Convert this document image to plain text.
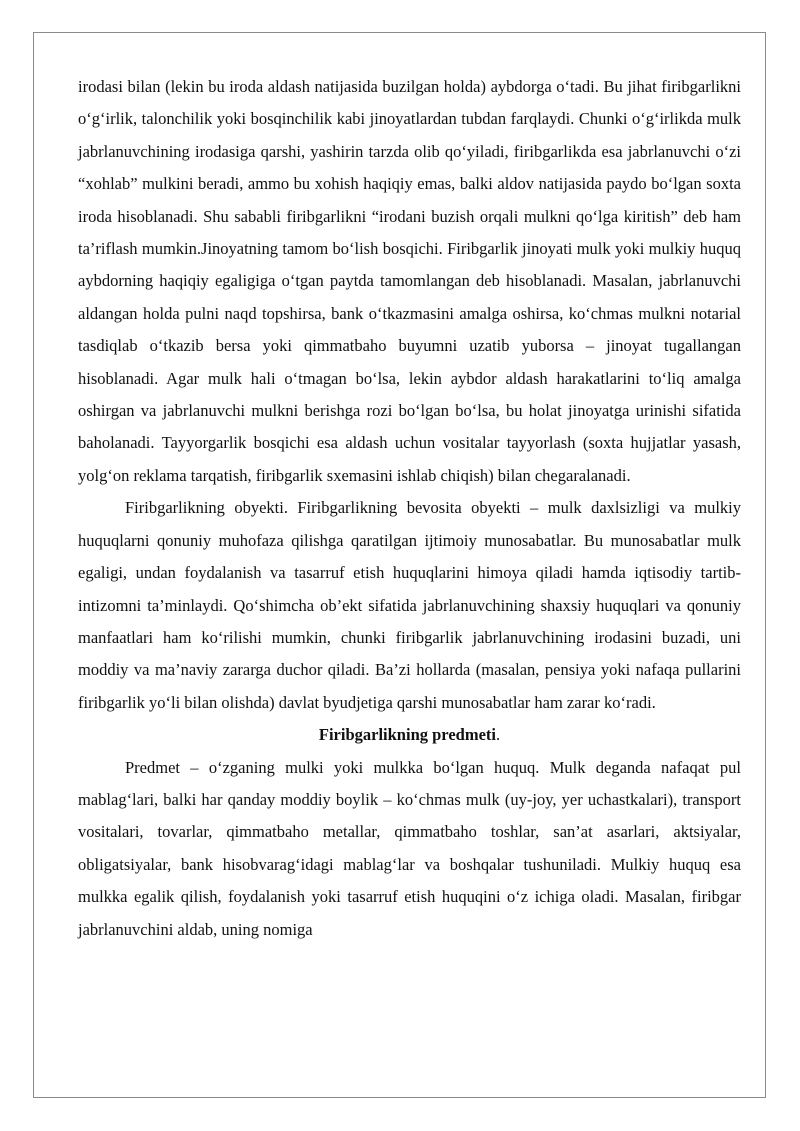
irodasi bilan (lekin bu iroda aldash natijasida buzilgan holda) aybdorga o‘tadi. Bu jihat firibgarlikni o‘g‘irlik, talonchilik yoki bosqinchilik kabi jinoyatlardan tubdan farqlaydi. Chunki o‘g‘irlikda mulk jabrlanuvchining irodasiga qarshi, yashirin tarzda olib qo‘yiladi, firibgarlikda esa jabrlanuvchi o‘zi “xohlab” mulkini beradi, ammo bu xohish haqiqiy emas, balki aldov natijasida paydo bo‘lgan soxta iroda hisoblanadi. Shu sababli firibgarlikni “irodani buzish orqali mulkni qo‘lga kiritish” deb ham ta’riflash mumkin.Jinoyatning tamom bo‘lish bosqichi. Firibgarlik jinoyati mulk yoki mulkiy huquq aybdorning haqiqiy egaligiga o‘tgan paytda tamomlangan deb hisoblanadi. Masalan, jabrlanuvchi aldangan holda pulni naqd topshirsa, bank o‘tkazmasini amalga oshirsa, ko‘chmas mulkni notarial tasdiqlab o‘tkazib bersa yoki qimmatbaho buyumni uzatib yuborsa – jinoyat tugallangan hisoblanadi. Agar mulk hali o‘tmagan bo‘lsa, lekin aybdor aldash harakatlarini to‘liq amalga oshirgan va jabrlanuvchi mulkni berishga rozi bo‘lgan bo‘lsa, bu holat jinoyatga urinishi sifatida baholanadi. Tayyorgarlik bosqichi esa aldash uchun vositalar tayyorlash (soxta hujjatlar yasash, yolg‘on reklama tarqatish, firibgarlik sxemasini ishlab chiqish) bilan chegaralanadi.

Firibgarlikning obyekti. Firibgarlikning bevosita obyekti – mulk daxlsizligi va mulkiy huquqlarni qonuniy muhofaza qilishga qaratilgan ijtimoiy munosabatlar. Bu munosabatlar mulk egaligi, undan foydalanish va tasarruf etish huquqlarini himoya qiladi hamda iqtisodiy tartib-intizomni ta’minlaydi. Qo‘shimcha ob’ekt sifatida jabrlanuvchining shaxsiy huquqlari va qonuniy manfaatlari ham ko‘rilishi mumkin, chunki firibgarlik jabrlanuvchining irodasini buzadi, uni moddiy va ma’naviy zararga duchor qiladi. Ba’zi hollarda (masalan, pensiya yoki nafaqa pullarini firibgarlik yo‘li bilan olishda) davlat byudjetiga qarshi munosabatlar ham zarar ko‘radi.

Firibgarlikning predmeti.

Predmet – o‘zganing mulki yoki mulkka bo‘lgan huquq. Mulk deganda nafaqat pul mablag‘lari, balki har qanday moddiy boylik – ko‘chmas mulk (uy-joy, yer uchastkalari), transport vositalari, tovarlar, qimmatbaho metallar, qimmatbaho toshlar, san’at asarlari, aktsiyalar, obligatsiyalar, bank hisobvarag‘idagi mablag‘lar va boshqalar tushuniladi. Mulkiy huquq esa mulkka egalik qilish, foydalanish yoki tasarruf etish huquqini o‘z ichiga oladi. Masalan, firibgar jabrlanuvchini aldab, uning nomiga
